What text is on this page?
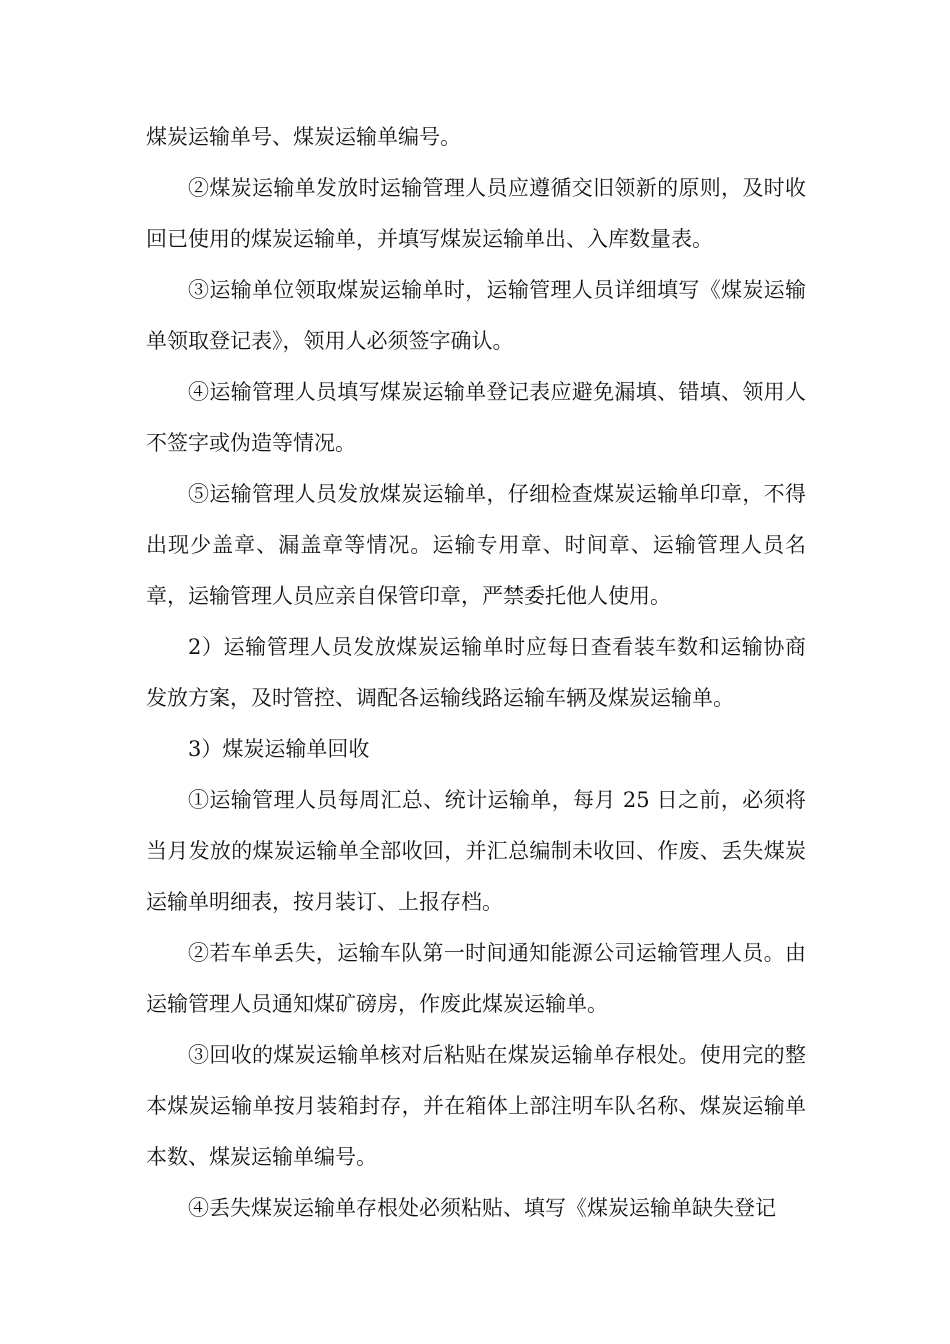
煤炭运输单号、煤炭运输单编号。

②煤炭运输单发放时运输管理人员应遵循交旧领新的原则，及时收回已使用的煤炭运输单，并填写煤炭运输单出、入库数量表。

③运输单位领取煤炭运输单时，运输管理人员详细填写《煤炭运输单领取登记表》，领用人必须签字确认。

④运输管理人员填写煤炭运输单登记表应避免漏填、错填、领用人不签字或伪造等情况。

⑤运输管理人员发放煤炭运输单，仔细检查煤炭运输单印章，不得出现少盖章、漏盖章等情况。运输专用章、时间章、运输管理人员名章，运输管理人员应亲自保管印章，严禁委托他人使用。

2）运输管理人员发放煤炭运输单时应每日查看装车数和运输协商发放方案，及时管控、调配各运输线路运输车辆及煤炭运输单。

3）煤炭运输单回收

①运输管理人员每周汇总、统计运输单，每月 25 日之前，必须将当月发放的煤炭运输单全部收回，并汇总编制未收回、作废、丢失煤炭运输单明细表，按月装订、上报存档。

②若车单丢失，运输车队第一时间通知能源公司运输管理人员。由运输管理人员通知煤矿磅房，作废此煤炭运输单。

③回收的煤炭运输单核对后粘贴在煤炭运输单存根处。使用完的整本煤炭运输单按月装箱封存，并在箱体上部注明车队名称、煤炭运输单本数、煤炭运输单编号。

④丢失煤炭运输单存根处必须粘贴、填写《煤炭运输单缺失登记
